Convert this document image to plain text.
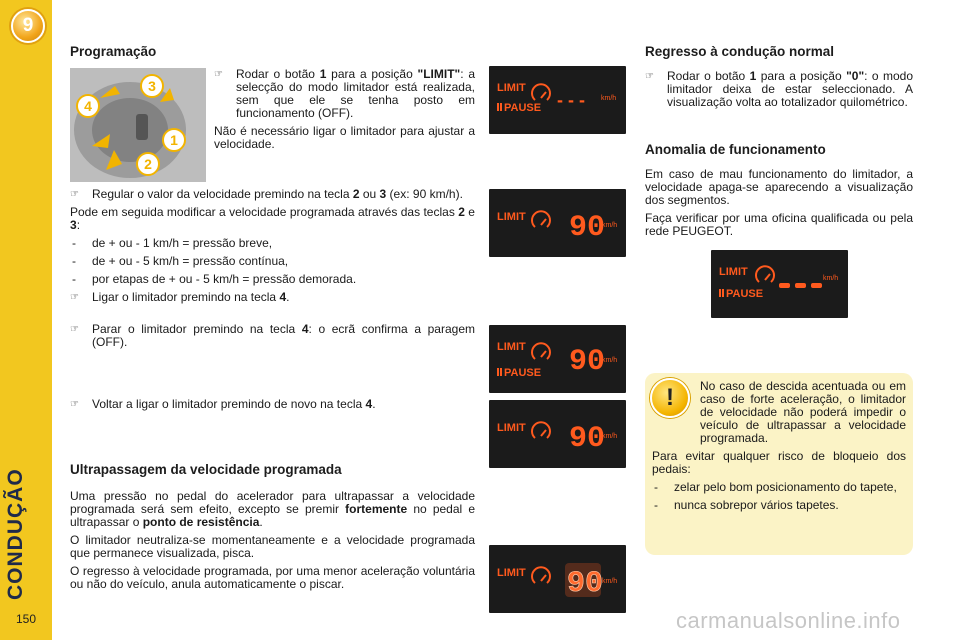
9
150
Programação
3
1
2
4

☞ Rodar o botão 1 para a posição "LIMIT": a selecção do modo limitador está realizada, sem que ele se tenha posto em funcionamento (OFF).

Não é necessário ligar o limitador para ajustar a velocidade.

☞ Regular o valor da velocidade premindo na tecla 2 ou 3 (ex: 90 km/h).

Pode em seguida modificar a velocidade programada através das teclas 2 e 3:

- de + ou - 1 km/h = pressão breve,

- de + ou - 5 km/h = pressão contínua,

- por etapas de + ou - 5 km/h = pressão demorada.

☞ Ligar o limitador premindo na tecla 4.

☞ Parar o limitador premindo na tecla 4: o ecrã confirma a paragem (OFF).

☞ Voltar a ligar o limitador premindo de novo na tecla 4.

Ultrapassagem da velocidade programada

Uma pressão no pedal do acelerador para ultrapassar a velocidade programada será sem efeito, excepto se premir fortemente no pedal e ultrapassar o ponto de resistência.

O limitador neutraliza-se momentaneamente e a velocidade programada que permanece visualizada, pisca.

O regresso à velocidade programada, por uma menor aceleração voluntária ou não do veículo, anula automaticamente o piscar.

LIMIT
PAUSE - - - km/h
LIMIT 90
km/h
LIMIT
PAUSE 90
km/h
LIMIT 90
km/h
LIMIT 90
km/h
Regresso à condução normal

☞ Rodar o botão 1 para a posição "0": o modo limitador deixa de estar seleccionado. A visualização volta ao totalizador quilométrico.

Anomalia de funcionamento

Em caso de mau funcionamento do limitador, a velocidade apaga-se aparecendo a visualização dos segmentos.

Faça verificar por uma oficina qualificada ou pela rede PEUGEOT.

LIMIT
PAUSE
km/h
!	No caso de descida acentuada ou em caso de forte aceleração, o limitador de velocidade não poderá impedir o veículo de ultrapassar a velocidade programada.

Para evitar qualquer risco de bloqueio dos pedais:

- zelar pelo bom posicionamento do tapete,

- nunca sobrepor vários tapetes.

carmanualsonline.info
